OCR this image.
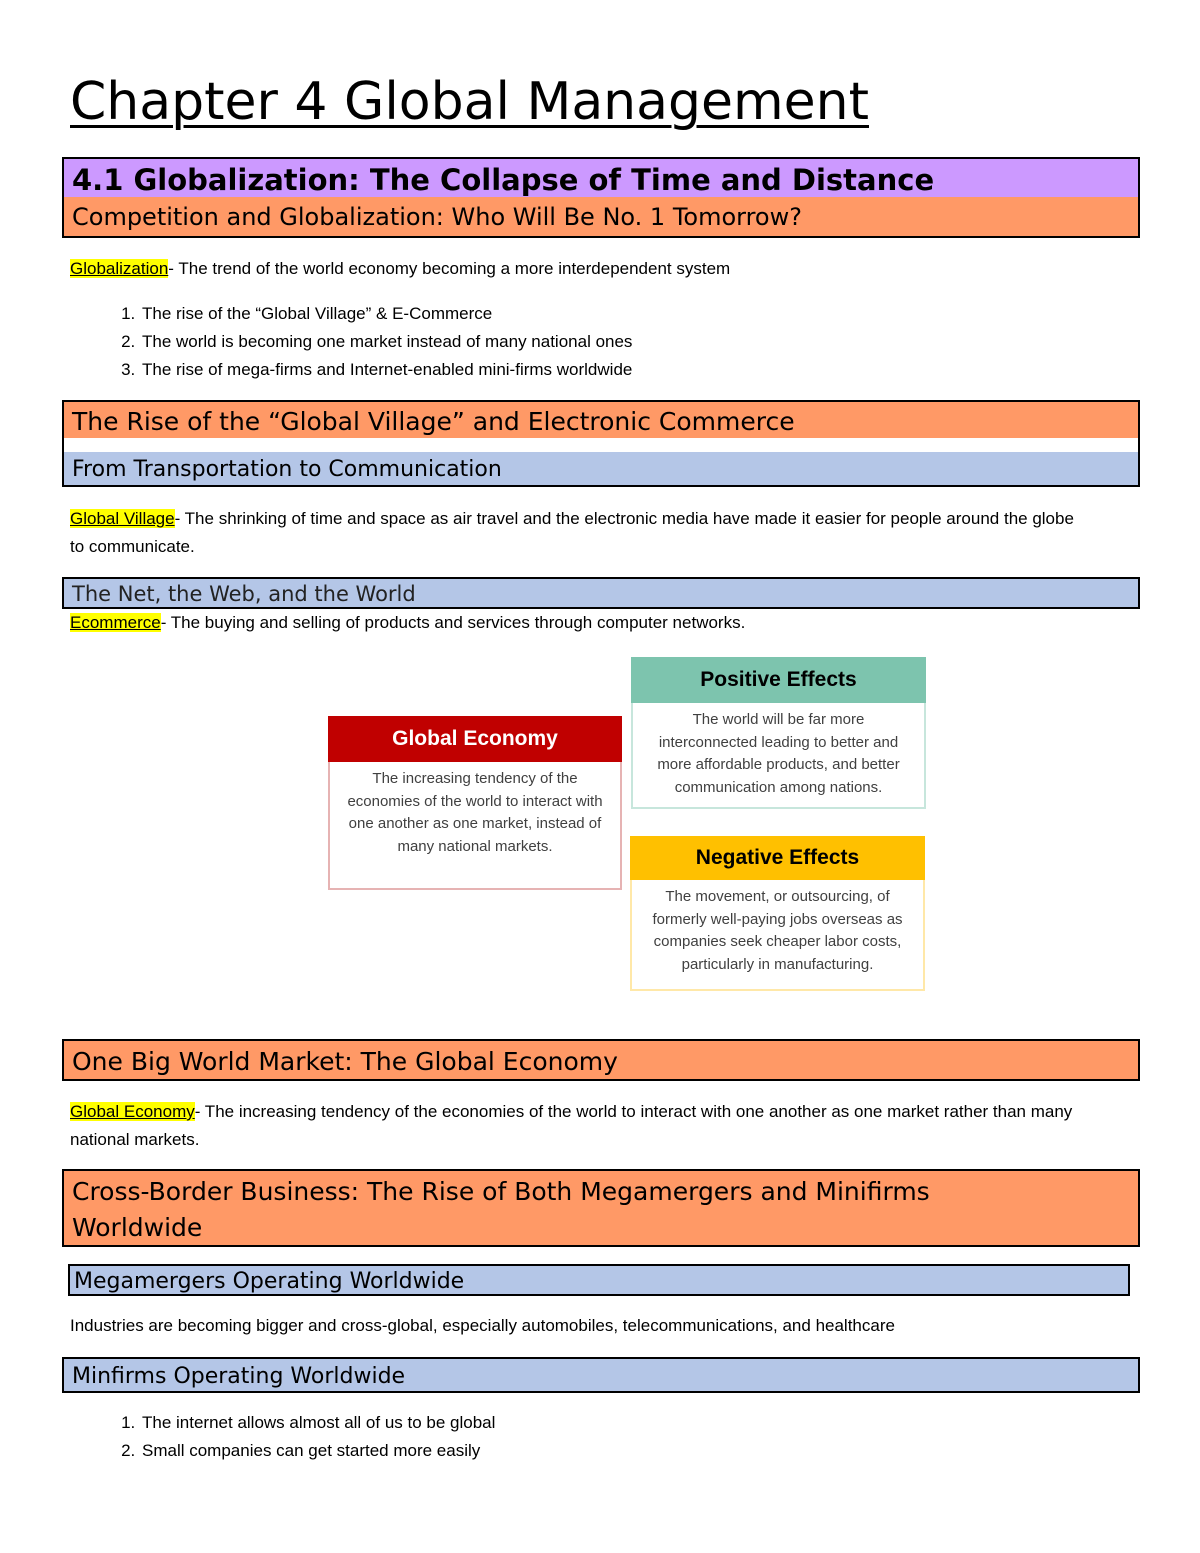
Chapter 4 Global Management
4.1 Globalization: The Collapse of Time and Distance
Competition and Globalization: Who Will Be No. 1 Tomorrow?
Globalization- The trend of the world economy becoming a more interdependent system
1. The rise of the “Global Village” & E-Commerce
2. The world is becoming one market instead of many national ones
3. The rise of mega-firms and Internet-enabled mini-firms worldwide
The Rise of the “Global Village” and Electronic Commerce
From Transportation to Communication
Global Village- The shrinking of time and space as air travel and the electronic media have made it easier for people around the globe to communicate.
The Net, the Web, and the World
Ecommerce- The buying and selling of products and services through computer networks.
Global Economy
The increasing tendency of the economies of the world to interact with one another as one market, instead of many national markets.
Positive Effects
The world will be far more interconnected leading to better and more affordable products, and better communication among nations.
Negative Effects
The movement, or outsourcing, of formerly well-paying jobs overseas as companies seek cheaper labor costs, particularly in manufacturing.
One Big World Market: The Global Economy
Global Economy- The increasing tendency of the economies of the world to interact with one another as one market rather than many national markets.
Cross-Border Business: The Rise of Both Megamergers and Minifirms Worldwide
Megamergers Operating Worldwide
Industries are becoming bigger and cross-global, especially automobiles, telecommunications, and healthcare
Minfirms Operating Worldwide
1. The internet allows almost all of us to be global
2. Small companies can get started more easily
